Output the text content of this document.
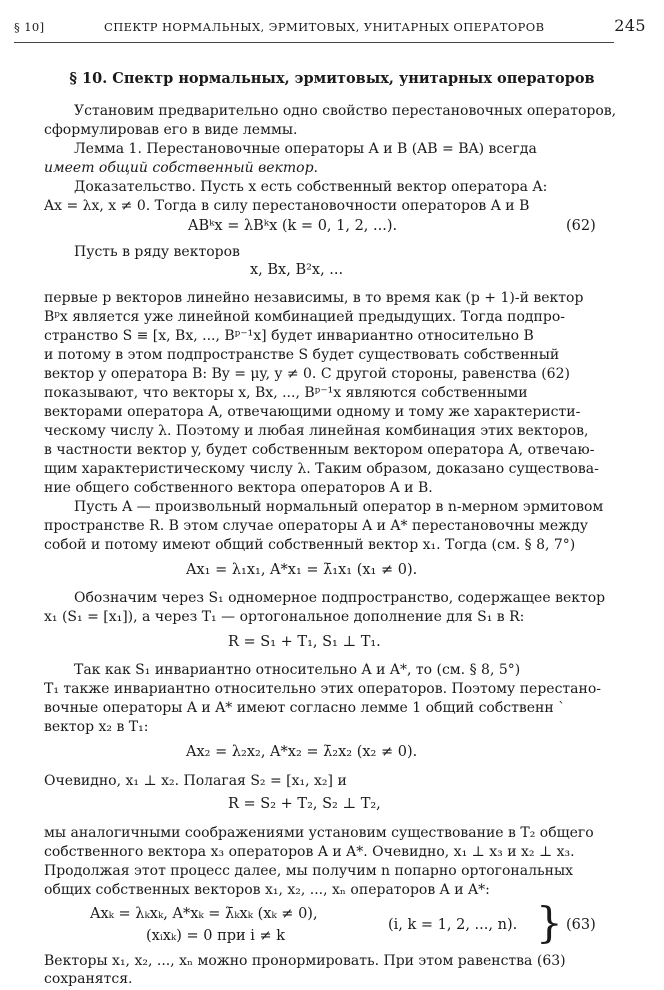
§ 10]	СПЕКТР НОРМАЛЬНЫХ, ЭРМИТОВЫХ, УНИТАРНЫХ ОПЕРАТОРОВ	245
§ 10. Спектр нормальных, эрмитовых, унитарных операторов
Установим предварительно одно свойство перестановочных операторов,
сформулировав его в виде леммы.
Лемма 1. Перестановочные операторы A и B (AB = BA) всегда
имеет общий собственный вектор.
Доказательство. Пусть x есть собственный вектор оператора A:
Ax = λx, x ≠ 0. Тогда в силу перестановочности операторов A и B
ABᵏx = λBᵏx (k = 0, 1, 2, ...).	(62)
Пусть в ряду векторов
x, Bx, B²x, ...
первые p векторов линейно независимы, в то время как (p + 1)-й вектор
Bᵖx является уже линейной комбинацией предыдущих. Тогда подпро-
странство S ≡ [x, Bx, ..., Bᵖ⁻¹x] будет инвариантно относительно B
и потому в этом подпространстве S будет существовать собственный
вектор y оператора B: By = μy, y ≠ 0. С другой стороны, равенства (62)
показывают, что векторы x, Bx, ..., Bᵖ⁻¹x являются собственными
векторами оператора A, отвечающими одному и тому же характеристи-
ческому числу λ. Поэтому и любая линейная комбинация этих векторов,
в частности вектор y, будет собственным вектором оператора A, отвечаю-
щим характеристическому числу λ. Таким образом, доказано существова-
ние общего собственного вектора операторов A и B.
Пусть A — произвольный нормальный оператор в n-мерном эрмитовом
пространстве R. В этом случае операторы A и A* перестановочны между
собой и потому имеют общий собственный вектор x₁. Тогда (см. § 8, 7°)
Ax₁ = λ₁x₁, A*x₁ = λ̄₁x₁ (x₁ ≠ 0).
Обозначим через S₁ одномерное подпространство, содержащее вектор
x₁ (S₁ = [x₁]), а через T₁ — ортогональное дополнение для S₁ в R:
R = S₁ + T₁, S₁ ⊥ T₁.
Так как S₁ инвариантно относительно A и A*, то (см. § 8, 5°)
T₁ также инвариантно относительно этих операторов. Поэтому перестано-
вочные операторы A и A* имеют согласно лемме 1 общий собственн ˋ
вектор x₂ в T₁:
Ax₂ = λ₂x₂, A*x₂ = λ̄₂x₂ (x₂ ≠ 0).
Очевидно, x₁ ⊥ x₂. Полагая S₂ = [x₁, x₂] и
R = S₂ + T₂, S₂ ⊥ T₂,
мы аналогичными соображениями установим существование в T₂ общего
собственного вектора x₃ операторов A и A*. Очевидно, x₁ ⊥ x₃ и x₂ ⊥ x₃.
Продолжая этот процесс далее, мы получим n попарно ортогональных
общих собственных векторов x₁, x₂, ..., xₙ операторов A и A*:
Axₖ = λₖxₖ, A*xₖ = λ̄ₖxₖ (xₖ ≠ 0),
(xᵢxₖ) = 0 при i ≠ k
(i, k = 1, 2, ..., n). } (63)
Векторы x₁, x₂, ..., xₙ можно пронормировать. При этом равенства (63)
сохранятся.
